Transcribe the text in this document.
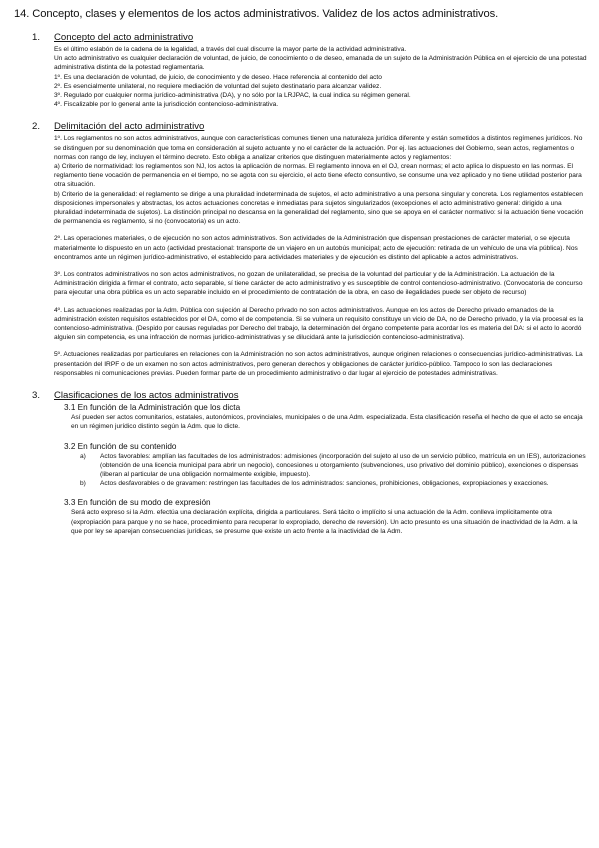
14. Concepto, clases y elementos de los actos administrativos. Validez de los actos administrativos.
1.	Concepto del acto administrativo

Es el último eslabón de la cadena de la legalidad, a través del cual discurre la mayor parte de la actividad administrativa.

Un acto administrativo es cualquier declaración de voluntad, de juicio, de conocimiento o de deseo, emanada de un sujeto de la Administración Pública en el ejercicio de una potestad administrativa distinta de la potestad reglamentaria.

1º. Es una declaración de voluntad, de juicio, de conocimiento y de deseo. Hace referencia al contenido del acto

2º. Es esencialmente unilateral, no requiere mediación de voluntad del sujeto destinatario para alcanzar validez.

3º. Regulado por cualquier norma jurídico-administrativa (DA), y no sólo por la LRJPAC, la cual indica su régimen general.

4º. Fiscalizable por lo general ante la jurisdicción contencioso-administrativa.

2.	Delimitación del acto administrativo

1º. Los reglamentos no son actos administrativos, aunque con características comunes tienen una naturaleza jurídica diferente y están sometidos a distintos regímenes jurídicos. No se distinguen por su denominación que toma en consideración al sujeto actuante y no el carácter de la actuación. Por ej. las actuaciones del Gobierno, sean actos, reglamentos o normas con rango de ley, incluyen el término decreto. Esto obliga a analizar criterios que distinguen materialmente actos y reglamentos:

a) Criterio de normatividad: los reglamentos son NJ, los actos la aplicación de normas. El reglamento innova en el OJ, crean normas; el acto aplica lo dispuesto en las normas. El reglamento tiene vocación de permanencia en el tiempo, no se agota con su ejercicio, el acto tiene efecto consuntivo, se consume una vez aplicado y no tiene utilidad posterior para otra situación.

b) Criterio de la generalidad: el reglamento se dirige a una pluralidad indeterminada de sujetos, el acto administrativo a una persona singular y concreta. Los reglamentos establecen disposiciones impersonales y abstractas, los actos actuaciones concretas e inmediatas para sujetos singularizados (excepciones el acto administrativo general: dirigido a una pluralidad indeterminada de sujetos). La distinción principal no descansa en la generalidad del reglamento, sino que se apoya en el carácter normativo: si la actuación tiene vocación de permanencia es reglamento, si no (convocatoria) es un acto.

2º. Las operaciones materiales, o de ejecución no son actos administrativos. Son actividades de la Administración que dispensan prestaciones de carácter material, o se ejecuta materialmente lo dispuesto en un acto (actividad prestacional: transporte de un viajero en un autobús municipal; acto de ejecución: retirada de un vehículo de una vía pública). Nos encontramos ante un régimen jurídico-administrativo, el establecido para actividades materiales y de ejecución es distinto del aplicable a actos administrativos.

3º. Los contratos administrativos no son actos administrativos, no gozan de unilateralidad, se precisa de la voluntad del particular y de la Administración. La actuación de la Administración dirigida a firmar el contrato, acto separable, sí tiene carácter de acto administrativo y es susceptible de control contencioso-administrativo. (Convocatoria de concurso para ejecutar una obra pública es un acto separable incluido en el procedimiento de contratación de la obra, en caso de ilegalidades puede ser objeto de recurso)

4º. Las actuaciones realizadas por la Adm. Pública con sujeción al Derecho privado no son actos administrativos. Aunque en los actos de Derecho privado emanados de la administración existen requisitos establecidos por el DA, como el de competencia. Si se vulnera un requisito constituye un vicio de DA, no de Derecho privado, y la vía procesal es la contencioso-administrativa. (Despido por causas reguladas por Derecho del trabajo, la determinación del órgano competente para acordar los es materia del DA: si el acto lo acordó alguien sin competencia, es una infracción de normas jurídico-administrativas y se dilucidará ante la jurisdicción contencioso-administrativa).

5º. Actuaciones realizadas por particulares en relaciones con la Administración no son actos administrativos, aunque originen relaciones o consecuencias jurídico-administrativas. La presentación del IRPF o de un examen no son actos administrativos, pero generan derechos y obligaciones de carácter jurídico-público. Tampoco lo son las declaraciones responsables ni comunicaciones previas. Pueden formar parte de un procedimiento administrativo o dar lugar al ejercicio de potestades administrativas.

3.	Clasificaciones de los actos administrativos
3.1 En función de la Administración que los dicta
Así pueden ser actos comunitarios, estatales, autonómicos, provinciales, municipales o de una Adm. especializada. Esta clasificación reseña el hecho de que el acto se encaja en un régimen jurídico distinto según la Adm. que lo dicte.
3.2 En función de su contenido
a)	Actos favorables: amplían las facultades de los administrados: admisiones (incorporación del sujeto al uso de un servicio público, matrícula en un IES), autorizaciones (obtención de una licencia municipal para abrir un negocio), concesiones u otorgamiento (subvenciones, uso privativo del dominio público), exenciones o dispensas (liberan al particular de una obligación normalmente exigible, impuesto).
b)	Actos desfavorables o de gravamen: restringen las facultades de los administrados: sanciones, prohibiciones, obligaciones, expropiaciones y exacciones.
3.3 En función de su modo de expresión
Será acto expreso si la Adm. efectúa una declaración explícita, dirigida a particulares. Será tácito o implícito si una actuación de la Adm. conlleva implícitamente otra (expropiación para parque y no se hace, procedimiento para recuperar lo expropiado, derecho de reversión). Un acto presunto es una situación de inactividad de la Adm. a la que por ley se aparejan consecuencias jurídicas, se presume que existe un acto frente a la inactividad de la Adm.
